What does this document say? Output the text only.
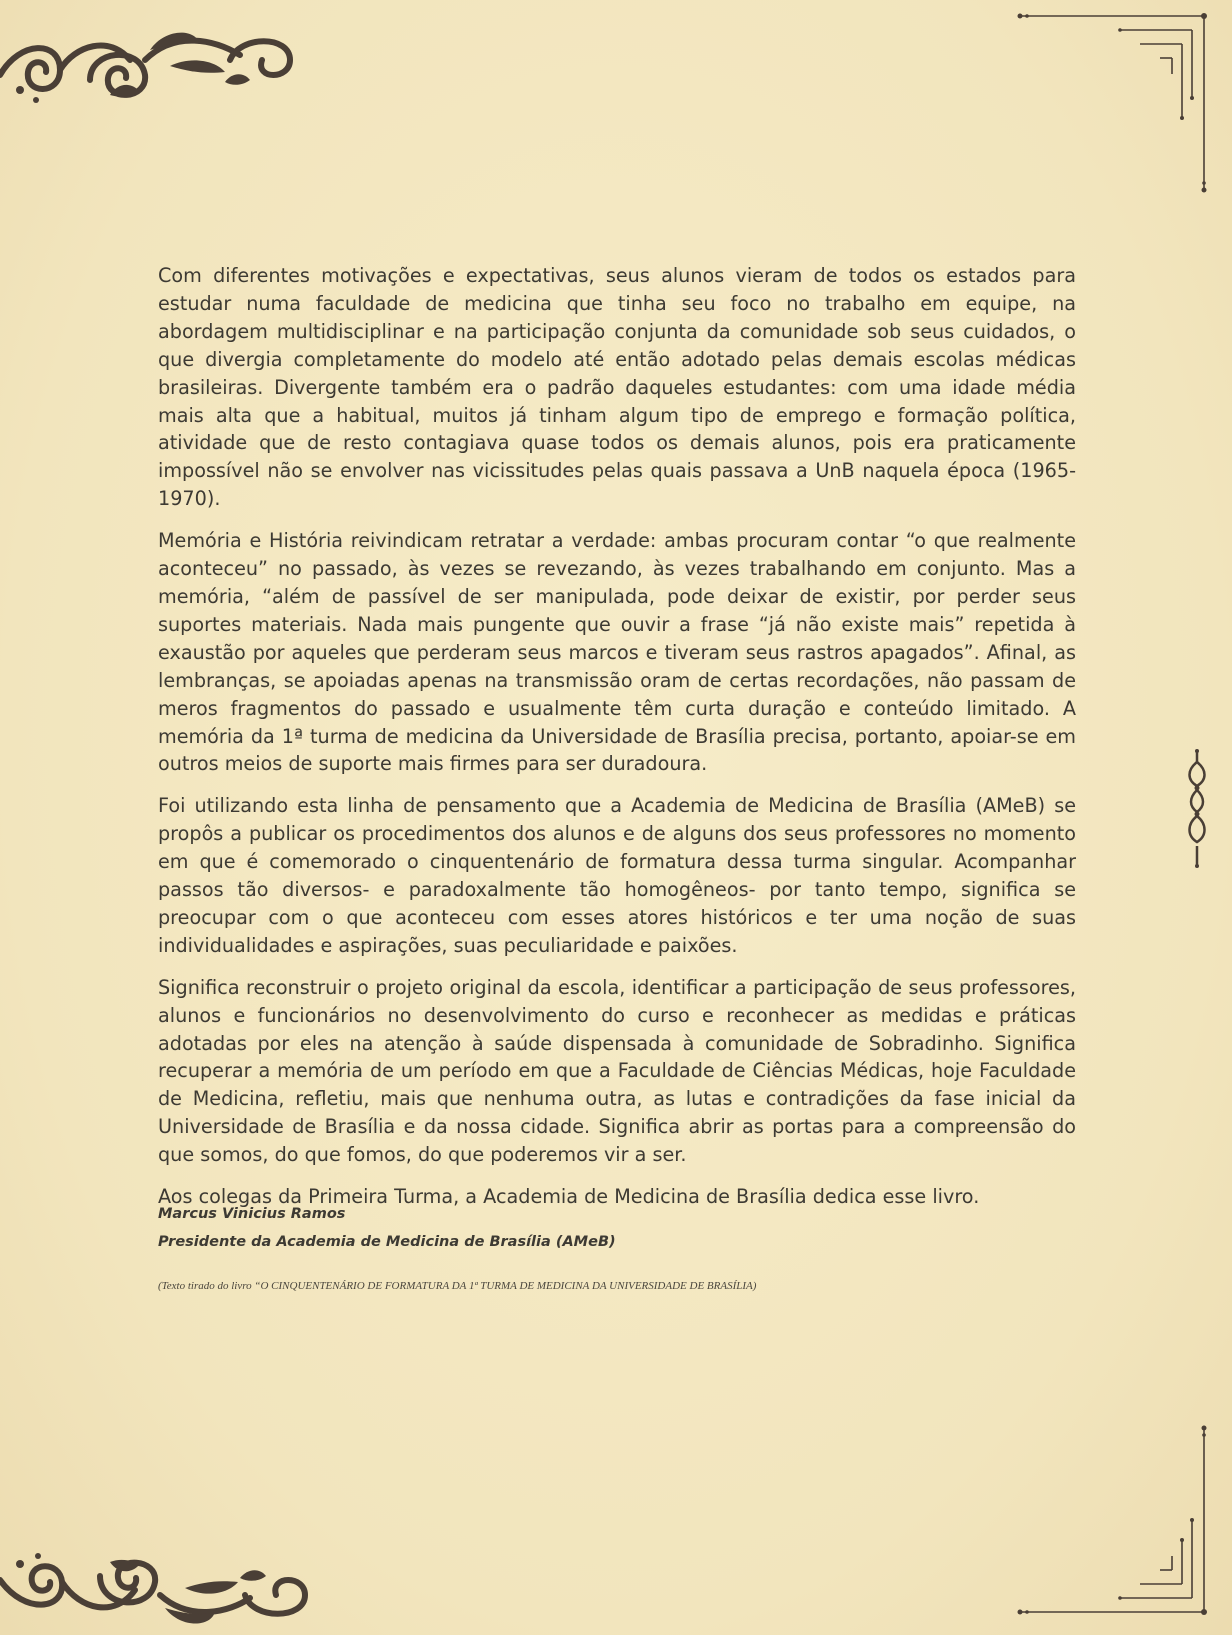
Com diferentes motivações e expectativas, seus alunos vieram de todos os estados para estudar numa faculdade de medicina que tinha seu foco no trabalho em equipe, na abordagem multidisciplinar e na participação conjunta da comunidade sob seus cuidados, o que divergia completamente do modelo até então adotado pelas demais escolas médicas brasileiras. Divergente também era o padrão daqueles estudantes: com uma idade média mais alta que a habitual, muitos já tinham algum tipo de emprego e formação política, atividade que de resto contagiava quase todos os demais alunos, pois era praticamente impossível não se envolver nas vicissitudes pelas quais passava a UnB naquela época (1965-1970).

Memória e História reivindicam retratar a verdade: ambas procuram contar “o que realmente aconteceu” no passado, às vezes se revezando, às vezes trabalhando em conjunto. Mas a memória, “além de passível de ser manipulada, pode deixar de existir, por perder seus suportes materiais. Nada mais pungente que ouvir a frase “já não existe mais” repetida à exaustão por aqueles que perderam seus marcos e tiveram seus rastros apagados”. Afinal, as lembranças, se apoiadas apenas na transmissão oram de certas recordações, não passam de meros fragmentos do passado e usualmente têm curta duração e conteúdo limitado. A memória da 1ª turma de medicina da Universidade de Brasília precisa, portanto, apoiar-se em outros meios de suporte mais firmes para ser duradoura.

Foi utilizando esta linha de pensamento que a Academia de Medicina de Brasília (AMeB) se propôs a publicar os procedimentos dos alunos e de alguns dos seus professores no momento em que é comemorado o cinquentenário de formatura dessa turma singular. Acompanhar passos tão diversos- e paradoxalmente tão homogêneos- por tanto tempo, significa se preocupar com o que aconteceu com esses atores históricos e ter uma noção de suas individualidades e aspirações, suas peculiaridade e paixões.

Significa reconstruir o projeto original da escola, identificar a participação de seus professores, alunos e funcionários no desenvolvimento do curso e reconhecer as medidas e práticas adotadas por eles na atenção à saúde dispensada à comunidade de Sobradinho. Significa recuperar a memória de um período em que a Faculdade de Ciências Médicas, hoje Faculdade de Medicina, refletiu, mais que nenhuma outra, as lutas e contradições da fase inicial da Universidade de Brasília e da nossa cidade. Significa abrir as portas para a compreensão do que somos, do que fomos, do que poderemos vir a ser.

Aos colegas da Primeira Turma, a Academia de Medicina de Brasília dedica esse livro.

Marcus Vinicius Ramos
Presidente da Academia de Medicina de Brasília (AMeB)
(Texto tirado do livro “O CINQUENTENÁRIO DE FORMATURA DA 1ª TURMA DE MEDICINA DA UNIVERSIDADE DE BRASÍLIA)
